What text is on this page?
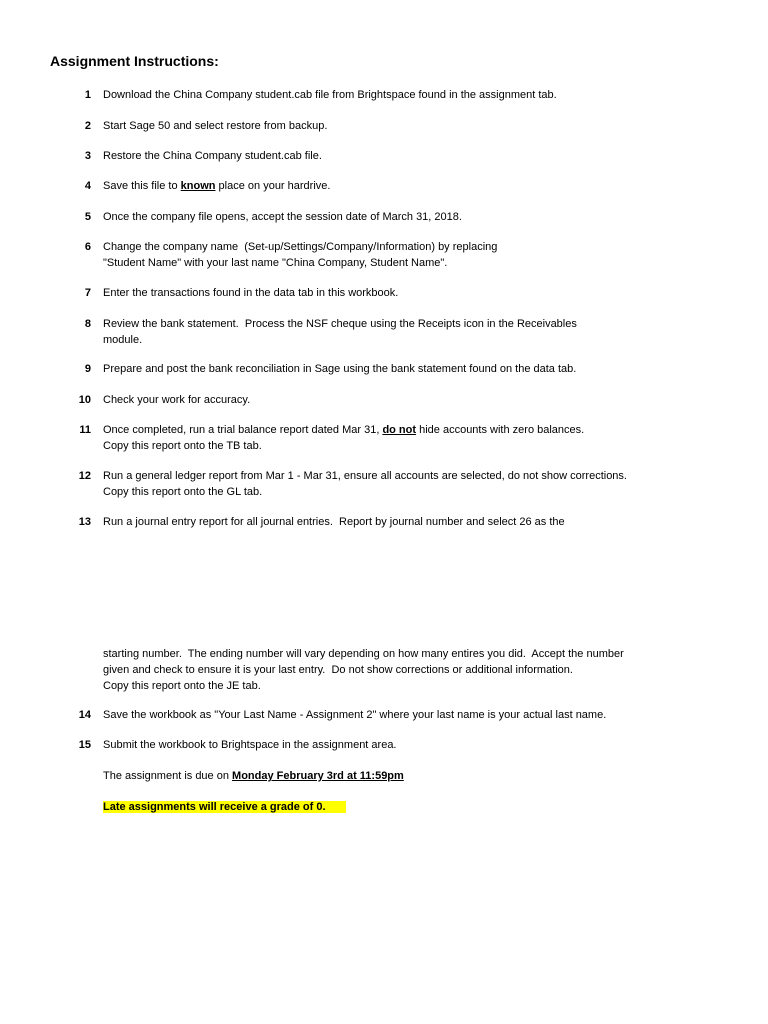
Assignment Instructions:
1 Download the China Company student.cab file from Brightspace found in the assignment tab.
2 Start Sage 50 and select restore from backup.
3 Restore the China Company student.cab file.
4 Save this file to known place on your hardrive.
5 Once the company file opens, accept the session date of March 31, 2018.
6 Change the company name  (Set-up/Settings/Company/Information) by replacing
"Student Name" with your last name "China Company, Student Name".
7 Enter the transactions found in the data tab in this workbook.
8 Review the bank statement.  Process the NSF cheque using the Receipts icon in the Receivables
module.
9 Prepare and post the bank reconciliation in Sage using the bank statement found on the data tab.
10 Check your work for accuracy.
11 Once completed, run a trial balance report dated Mar 31, do not hide accounts with zero balances.
Copy this report onto the TB tab.
12 Run a general ledger report from Mar 1 - Mar 31, ensure all accounts are selected, do not show corrections.
Copy this report onto the GL tab.
13 Run a journal entry report for all journal entries.  Report by journal number and select 26 as the
starting number.  The ending number will vary depending on how many entires you did.  Accept the number
given and check to ensure it is your last entry.  Do not show corrections or additional information.
Copy this report onto the JE tab.
14 Save the workbook as "Your Last Name - Assignment 2" where your last name is your actual last name.
15 Submit the workbook to Brightspace in the assignment area.
The assignment is due on Monday February 3rd at 11:59pm
Late assignments will receive a grade of 0.
